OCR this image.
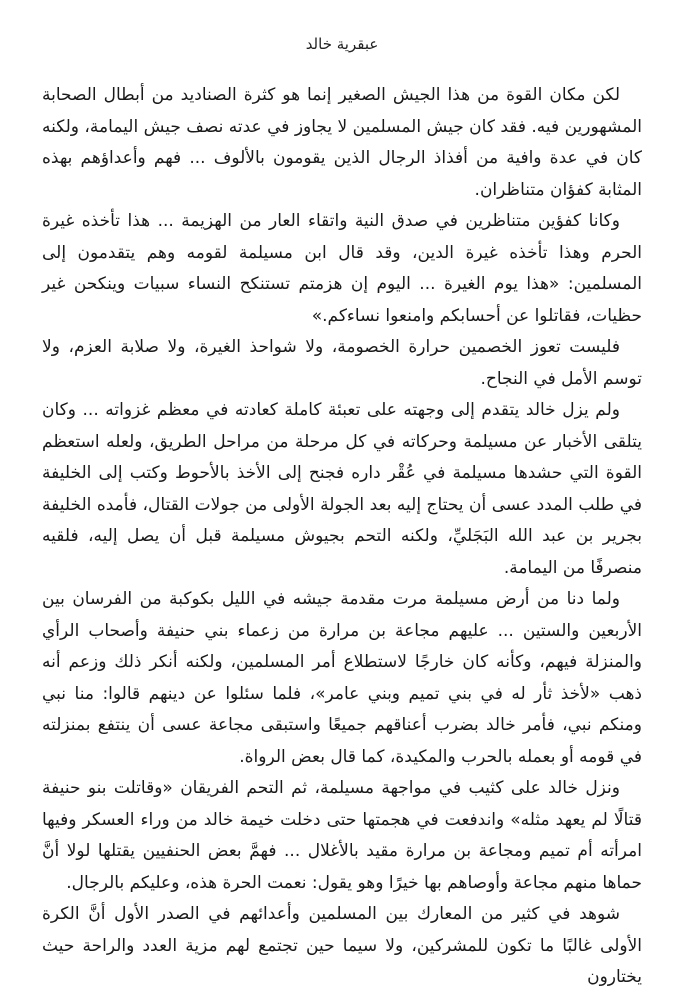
عبقرية خالد

لكن مكان القوة من هذا الجيش الصغير إنما هو كثرة الصناديد من أبطال الصحابة المشهورين فيه. فقد كان جيش المسلمين لا يجاوز في عدته نصف جيش اليمامة، ولكنه كان في عدة وافية من أفذاذ الرجال الذين يقومون بالألوف ... فهم وأعداؤهم بهذه المثابة كفؤان متناظران.

وكانا كفؤين متناظرين في صدق النية واتقاء العار من الهزيمة ... هذا تأخذه غيرة الحرم وهذا تأخذه غيرة الدين، وقد قال ابن مسيلمة لقومه وهم يتقدمون إلى المسلمين: «هذا يوم الغيرة ... اليوم إن هزمتم تستنكح النساء سبيات وينكحن غير حظيات، فقاتلوا عن أحسابكم وامنعوا نساءكم.»

فليست تعوز الخصمين حرارة الخصومة، ولا شواحذ الغيرة، ولا صلابة العزم، ولا توسم الأمل في النجاح.

ولم يزل خالد يتقدم إلى وجهته على تعبئة كاملة كعادته في معظم غزواته ... وكان يتلقى الأخبار عن مسيلمة وحركاته في كل مرحلة من مراحل الطريق، ولعله استعظم القوة التي حشدها مسيلمة في عُقْر داره فجنح إلى الأخذ بالأحوط وكتب إلى الخليفة في طلب المدد عسى أن يحتاج إليه بعد الجولة الأولى من جولات القتال، فأمده الخليفة بجرير بن عبد الله البَجَليِّ، ولكنه التحم بجيوش مسيلمة قبل أن يصل إليه، فلقيه منصرفًا من اليمامة.

ولما دنا من أرض مسيلمة مرت مقدمة جيشه في الليل بكوكبة من الفرسان بين الأربعين والستين ... عليهم مجاعة بن مرارة من زعماء بني حنيفة وأصحاب الرأي والمنزلة فيهم، وكأنه كان خارجًا لاستطلاع أمر المسلمين، ولكنه أنكر ذلك وزعم أنه ذهب «لأخذ ثأر له في بني تميم وبني عامر»، فلما سئلوا عن دينهم قالوا: منا نبي ومنكم نبي، فأمر خالد بضرب أعناقهم جميعًا واستبقى مجاعة عسى أن ينتفع بمنزلته في قومه أو بعمله بالحرب والمكيدة، كما قال بعض الرواة.

ونزل خالد على كثيب في مواجهة مسيلمة، ثم التحم الفريقان «وقاتلت بنو حنيفة قتالًا لم يعهد مثله» واندفعت في هجمتها حتى دخلت خيمة خالد من وراء العسكر وفيها امرأته أم تميم ومجاعة بن مرارة مقيد بالأغلال ... فهمَّ بعض الحنفيين يقتلها لولا أنَّ حماها منهم مجاعة وأوصاهم بها خيرًا وهو يقول: نعمت الحرة هذه، وعليكم بالرجال.

شوهد في كثير من المعارك بين المسلمين وأعدائهم في الصدر الأول أنَّ الكرة الأولى غالبًا ما تكون للمشركين، ولا سيما حين تجتمع لهم مزية العدد والراحة حيث يختارون
